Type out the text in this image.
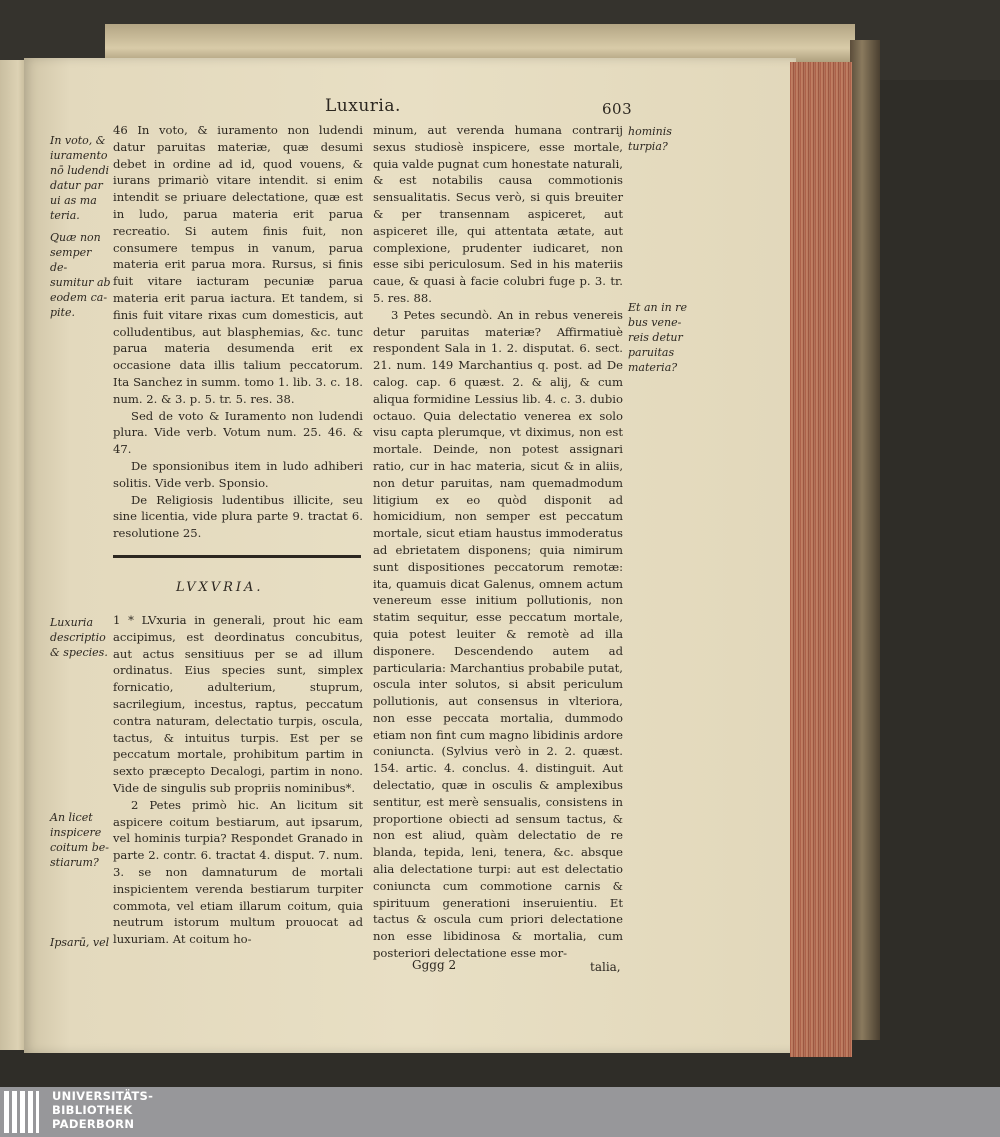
Luxuria.	603

46 In voto, & iuramento non ludendi datur paruitas materiæ, quæ desumi debet in ordine ad id, quod vouens, & iurans primariò vitare intendit. si enim intendit se priuare delectatione, quæ est in ludo, parua materia erit parua recreatio. Si autem finis fuit, non consumere tempus in vanum, parua materia erit parua mora. Rursus, si finis fuit vitare iacturam pecuniæ parua materia erit parua iactura. Et tandem, si finis fuit vitare rixas cum domesticis, aut colludentibus, aut blasphemias, &c. tunc parua materia desumenda erit ex occasione data illis talium peccatorum. Ita Sanchez in summ. tomo 1. lib. 3. c. 18. num. 2. & 3. p. 5. tr. 5. res. 38.

Sed de voto & Iuramento non ludendi plura. Vide verb. Votum num. 25. 46. & 47.

De sponsionibus item in ludo adhiberi solitis. Vide verb. Sponsio.

De Religiosis ludentibus illicite, seu sine licentia, vide plura parte 9. tractat 6. resolutione 25.

LVXVRIA.

1 * LVxuria in generali, prout hic eam accipimus, est deordinatus concubitus, aut actus sensitiuus per se ad illum ordinatus. Eius species sunt, simplex fornicatio, adulterium, stuprum, sacrilegium, incestus, raptus, peccatum contra naturam, delectatio turpis, oscula, tactus, & intuitus turpis. Est per se peccatum mortale, prohibitum partim in sexto præcepto Decalogi, partim in nono. Vide de singulis sub propriis nominibus*.

2 Petes primò hic. An licitum sit aspicere coitum bestiarum, aut ipsarum, vel hominis turpia? Respondet Granado in parte 2. contr. 6. tractat 4. disput. 7. num. 3. se non damnaturum de mortali inspicientem verenda bestiarum turpiter commota, vel etiam illarum coitum, quia neutrum istorum multum prouocat ad luxuriam. At coitum ho-

minum, aut verenda humana contrarij sexus studiosè inspicere, esse mortale, quia valde pugnat cum honestate naturali, & est notabilis causa commotionis sensualitatis. Secus verò, si quis breuiter & per transennam aspiceret, aut aspiceret ille, qui attentata ætate, aut complexione, prudenter iudicaret, non esse sibi periculosum. Sed in his materiis caue, & quasi à facie colubri fuge p. 3. tr. 5. res. 88.

3 Petes secundò. An in rebus venereis detur paruitas materiæ? Affirmatiuè respondent Sala in 1. 2. disputat. 6. sect. 21. num. 149 Marchantius q. post. ad De calog. cap. 6 quæst. 2. & alij, & cum aliqua formidine Lessius lib. 4. c. 3. dubio octauo. Quia delectatio venerea ex solo visu capta plerumque, vt diximus, non est mortale. Deinde, non potest assignari ratio, cur in hac materia, sicut & in aliis, non detur paruitas, nam quemadmodum litigium ex eo quòd disponit ad homicidium, non semper est peccatum mortale, sicut etiam haustus immoderatus ad ebrietatem disponens; quia nimirum sunt dispositiones peccatorum remotæ: ita, quamuis dicat Galenus, omnem actum venereum esse initium pollutionis, non statim sequitur, esse peccatum mortale, quia potest leuiter & remotè ad illa disponere. Descendendo autem ad particularia: Marchantius probabile putat, oscula inter solutos, si absit periculum pollutionis, aut consensus in vlteriora, non esse peccata mortalia, dummodo etiam non fint cum magno libidinis ardore coniuncta. (Sylvius verò in 2. 2. quæst. 154. artic. 4. conclus. 4. distinguit. Aut delectatio, quæ in osculis & amplexibus sentitur, est merè sensualis, consistens in proportione obiecti ad sensum tactus, & non est aliud, quàm delectatio de re blanda, tepida, leni, tenera, &c. absque alia delectatione turpi: aut est delectatio coniuncta cum commotione carnis & spirituum generationi inseruientiu. Et tactus & oscula cum priori delectatione non esse libidinosa & mortalia, cum posteriori delectatione esse mor-

In voto, &
iuramento
nō ludendi
datur par
ui as ma
teria.
Quæ non
semper de-
sumitur ab
eodem ca-
pite.
Luxuria
descriptio
& species.
An licet
inspicere
coitum be-
stiarum?
Ipsarū, vel
hominis
turpia?
Et an in re
bus vene-
reis detur
paruitas
materia?
Gggg 2	talia,
UNIVERSITÄTS-
BIBLIOTHEK
PADERBORN
